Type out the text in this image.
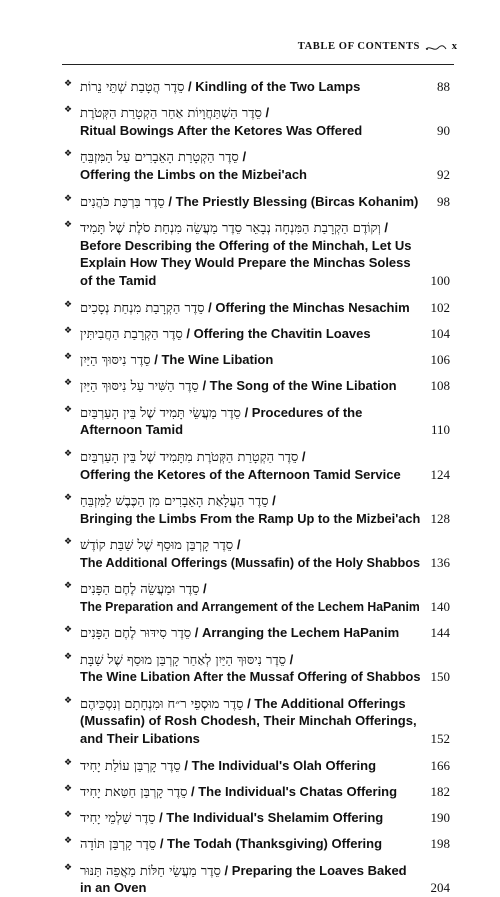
TABLE OF CONTENTS	x
❖ סֵדֶר הֲטָבַת שְׁתֵּי נֵרוֹת / Kindling of the Two Lamps	88
❖ סֵדֶר הַשְׁתַּחֲוָיוֹת אַחַר הַקְטָרַת הַקְּטֹרֶת /
Ritual Bowings After the Ketores Was Offered	90
❖ סֵדֶר הַקְטָרַת הָאֵבָרִים עַל הַמִּזְבֵּחַ /
Offering the Limbs on the Mizbei'ach	92
❖ סֵדֶר בִּרְכַּת כֹּהֲנִים / The Priestly Blessing (Bircas Kohanim)	98
❖ וְקוֹדֶם הַקְרָבַת הַמִּנְחָה נְבָאֵר סֵדֶר מַעֲשֵׂה מִנְחַת סֹלֶת שֶׁל תָּמִיד /
Before Describing the Offering of the Minchah, Let Us
Explain How They Would Prepare the Minchas Soless
of the Tamid	100
❖ סֵדֶר הַקְרָבַת מִנְחַת נְסָכִים / Offering the Minchas Nesachim	102
❖ סֵדֶר הַקְרָבַת הַחֲבִיתִּין / Offering the Chavitin Loaves	104
❖ סֵדֶר נִיסּוּךְ הַיַּיִן / The Wine Libation	106
❖ סֵדֶר הַשִּׁיר עַל נִיסּוּךְ הַיַּיִן / The Song of the Wine Libation	108
❖ סֵדֶר מַעֲשֵׂי תָּמִיד שֶׁל בֵּין הָעַרְבַּיִם / Procedures of the
Afternoon Tamid	110
❖ סֵדֶר הַקְטָרַת הַקְּטֹרֶת מִתָּמִיד שֶׁל בֵּין הָעַרְבַּיִם /
Offering the Ketores of the Afternoon Tamid Service	124
❖ סֵדֶר הַעֲלָאַת הָאֵבָרִים מִן הַכֶּבֶשׁ לַמִּזְבֵּחַ /
Bringing the Limbs From the Ramp Up to the Mizbei'ach 128
❖ סֵדֶר קָרְבַּן מוּסַף שֶׁל שַׁבַּת קוֹדֶשׁ /
The Additional Offerings (Mussafin) of the Holy Shabbos 136
❖ סֵדֶר וּמַעֲשֵׂה לֶחֶם הַפָּנִים /
The Preparation and Arrangement of the Lechem HaPanim 140
❖ סֵדֶר סִידּוּר לֶחֶם הַפָּנִים / Arranging the Lechem HaPanim	144
❖ סֵדֶר נִיסּוּךְ הַיַּיִן לְאַחַר קָרְבַּן מוּסַף שֶׁל שַׁבָּת /
The Wine Libation After the Mussaf Offering of Shabbos 150
❖ סֵדֶר מוּסְפֵי ר״ח וּמִנְחָתָם וְנִסְכֵּיהֶם / The Additional Offerings
(Mussafin) of Rosh Chodesh, Their Minchah Offerings,
and Their Libations	152
❖ סֵדֶר קָרְבַּן עוֹלַת יָחִיד / The Individual's Olah Offering	166
❖ סֵדֶר קָרְבַּן חַטַּאת יָחִיד / The Individual's Chatas Offering	182
❖ סֵדֶר שַׁלְמֵי יָחִיד / The Individual's Shelamim Offering	190
❖ סֵדֶר קָרְבַּן תּוֹדָה / The Todah (Thanksgiving) Offering	198
❖ סֵדֶר מַעֲשֵׂי חַלּוֹת מַאֲפֵה תַּנּוּר / Preparing the Loaves Baked
in an Oven	204
